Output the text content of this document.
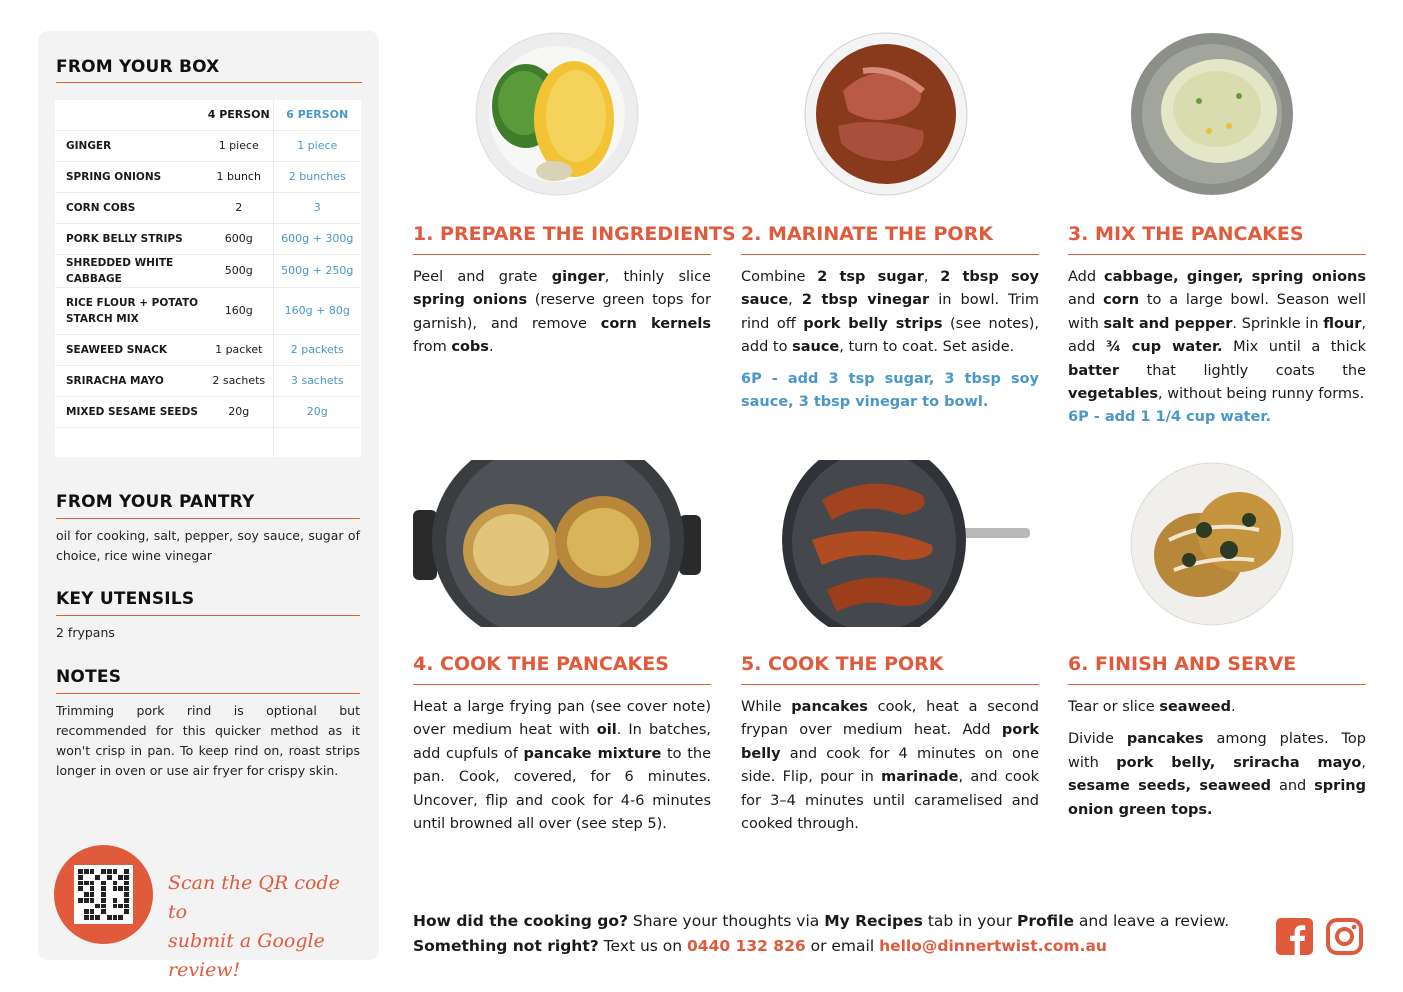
FROM YOUR BOX
	4 PERSON	6 PERSON
GINGER	1 piece	1 piece
SPRING ONIONS	1 bunch	2 bunches
CORN COBS	2	3
PORK BELLY STRIPS	600g	600g + 300g
SHREDDED WHITE CABBAGE	500g	500g + 250g
RICE FLOUR + POTATO STARCH MIX	160g	160g + 80g
SEAWEED SNACK	1 packet	2 packets
SRIRACHA MAYO	2 sachets	3 sachets
MIXED SESAME SEEDS	20g	20g

FROM YOUR PANTRY
oil for cooking, salt, pepper, soy sauce, sugar of choice, rice wine vinegar
KEY UTENSILS
2 frypans
NOTES
Trimming pork rind is optional but recommended for this quicker method as it won't crisp in pan. To keep rind on, roast strips longer in oven or use air fryer for crispy skin.
Scan the QR code to
submit a Google review!
1. PREPARE THE INGREDIENTS
Peel and grate ginger, thinly slice spring onions (reserve green tops for garnish), and remove corn kernels from cobs.
2. MARINATE THE PORK
Combine 2 tsp sugar, 2 tbsp soy sauce, 2 tbsp vinegar in bowl. Trim rind off pork belly strips (see notes), add to sauce, turn to coat. Set aside.
6P - add 3 tsp sugar, 3 tbsp soy sauce, 3 tbsp vinegar to bowl.
3. MIX THE PANCAKES
Add cabbage, ginger, spring onions and corn to a large bowl. Season well with salt and pepper. Sprinkle in flour, add ¾ cup water. Mix until a thick batter that lightly coats the vegetables, without being runny forms.
6P - add 1 1/4 cup water.
4. COOK THE PANCAKES
Heat a large frying pan (see cover note) over medium heat with oil. In batches, add cupfuls of pancake mixture to the pan. Cook, covered, for 6 minutes. Uncover, flip and cook for 4-6 minutes until browned all over (see step 5).
5. COOK THE PORK
While pancakes cook, heat a second frypan over medium heat. Add pork belly and cook for 4 minutes on one side. Flip, pour in marinade, and cook for 3–4 minutes until caramelised and cooked through.
6. FINISH AND SERVE
Tear or slice seaweed.
Divide pancakes among plates. Top with pork belly, sriracha mayo, sesame seeds, seaweed and spring onion green tops.
How did the cooking go? Share your thoughts via My Recipes tab in your Profile and leave a review.
Something not right? Text us on 0440 132 826 or email hello@dinnertwist.com.au
